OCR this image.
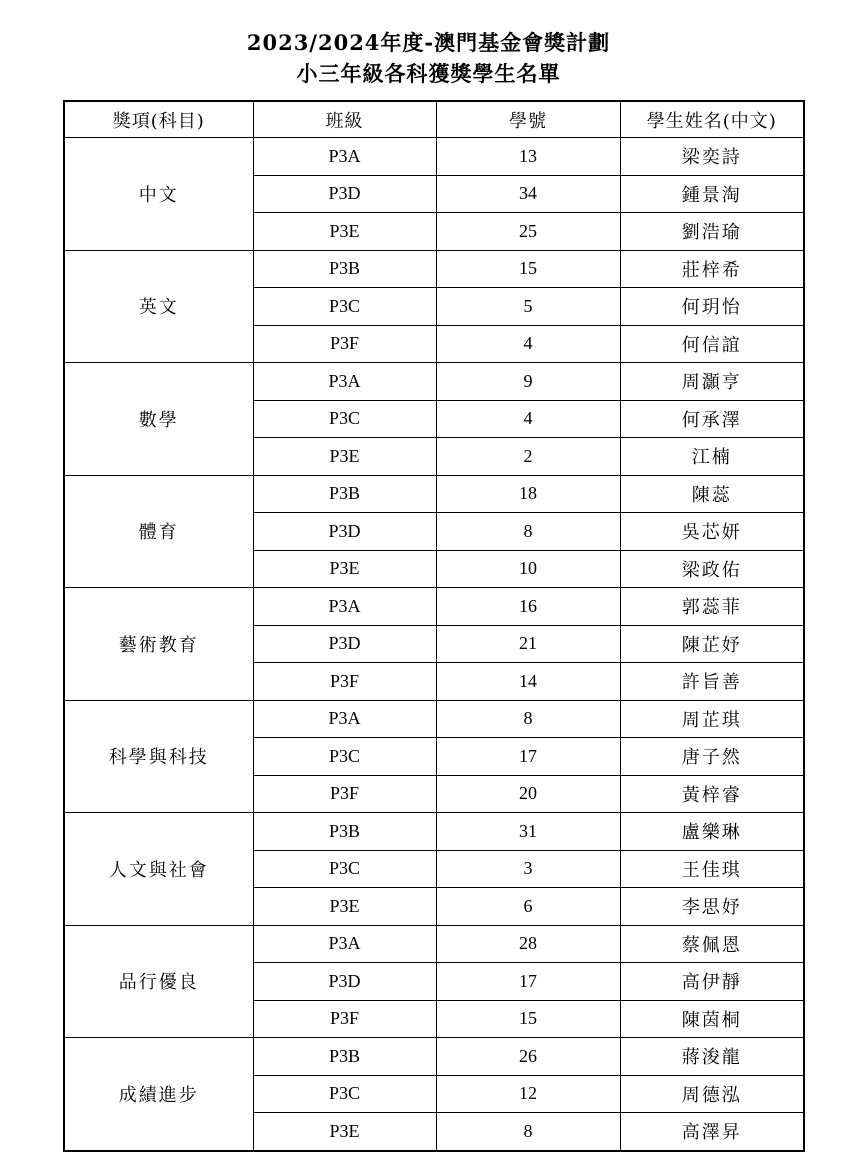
2023/2024年度-澳門基金會獎計劃
小三年級各科獲獎學生名單
獎項(科目)	班級	學號	學生姓名(中文)
中文	P3A	13	梁奕詩
	P3D	34	鍾景淘
	P3E	25	劉浩瑜
英文	P3B	15	莊梓希
	P3C	5	何玥怡
	P3F	4	何信誼
數學	P3A	9	周灝亨
	P3C	4	何承澤
	P3E	2	江楠
體育	P3B	18	陳蕊
	P3D	8	吳芯妍
	P3E	10	梁政佑
藝術教育	P3A	16	郭蕊菲
	P3D	21	陳芷妤
	P3F	14	許旨善
科學與科技	P3A	8	周芷琪
	P3C	17	唐子然
	P3F	20	黃梓睿
人文與社會	P3B	31	盧樂琳
	P3C	3	王佳琪
	P3E	6	李思妤
品行優良	P3A	28	蔡佩恩
	P3D	17	高伊靜
	P3F	15	陳茵桐
成績進步	P3B	26	蔣浚龍
	P3C	12	周德泓
	P3E	8	高澤昇
